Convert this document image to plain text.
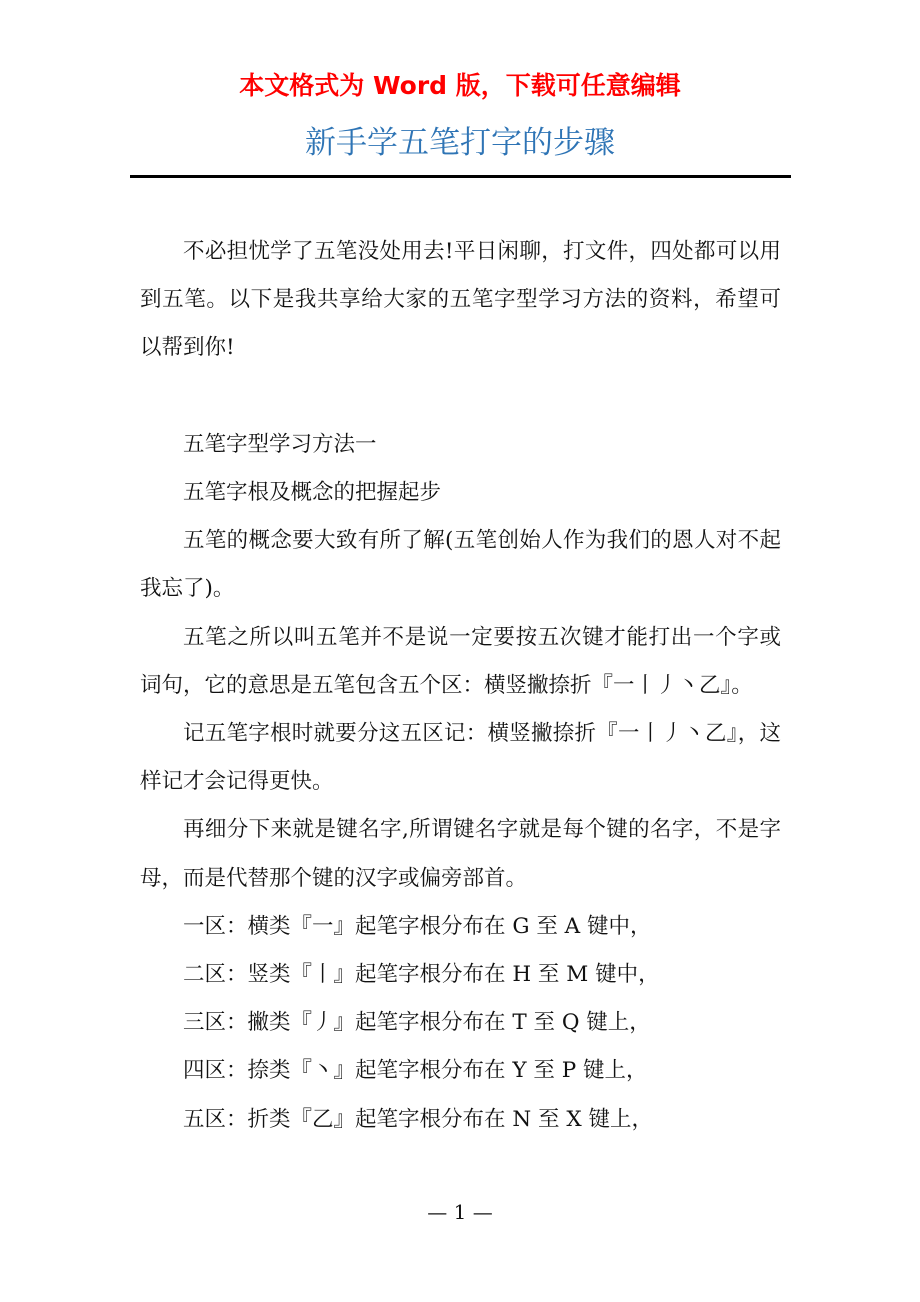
本文格式为 Word 版，下载可任意编辑
新手学五笔打字的步骤

不必担忧学了五笔没处用去!平日闲聊，打文件，四处都可以用到五笔。以下是我共享给大家的五笔字型学习方法的资料，希望可以帮到你!

五笔字型学习方法一

五笔字根及概念的把握起步

五笔的概念要大致有所了解(五笔创始人作为我们的恩人对不起我忘了)。

五笔之所以叫五笔并不是说一定要按五次键才能打出一个字或词句，它的意思是五笔包含五个区：横竖撇捺折『一丨丿丶乙』。

记五笔字根时就要分这五区记：横竖撇捺折『一丨丿丶乙』，这样记才会记得更快。

再细分下来就是键名字,所谓键名字就是每个键的名字，不是字母，而是代替那个键的汉字或偏旁部首。

一区：横类『一』起笔字根分布在 G 至 A 键中，

二区：竖类『丨』起笔字根分布在 H 至 M 键中，

三区：撇类『丿』起笔字根分布在 T 至 Q 键上，

四区：捺类『丶』起笔字根分布在 Y 至 P 键上，

五区：折类『乙』起笔字根分布在 N 至 X 键上，

— 1 —
